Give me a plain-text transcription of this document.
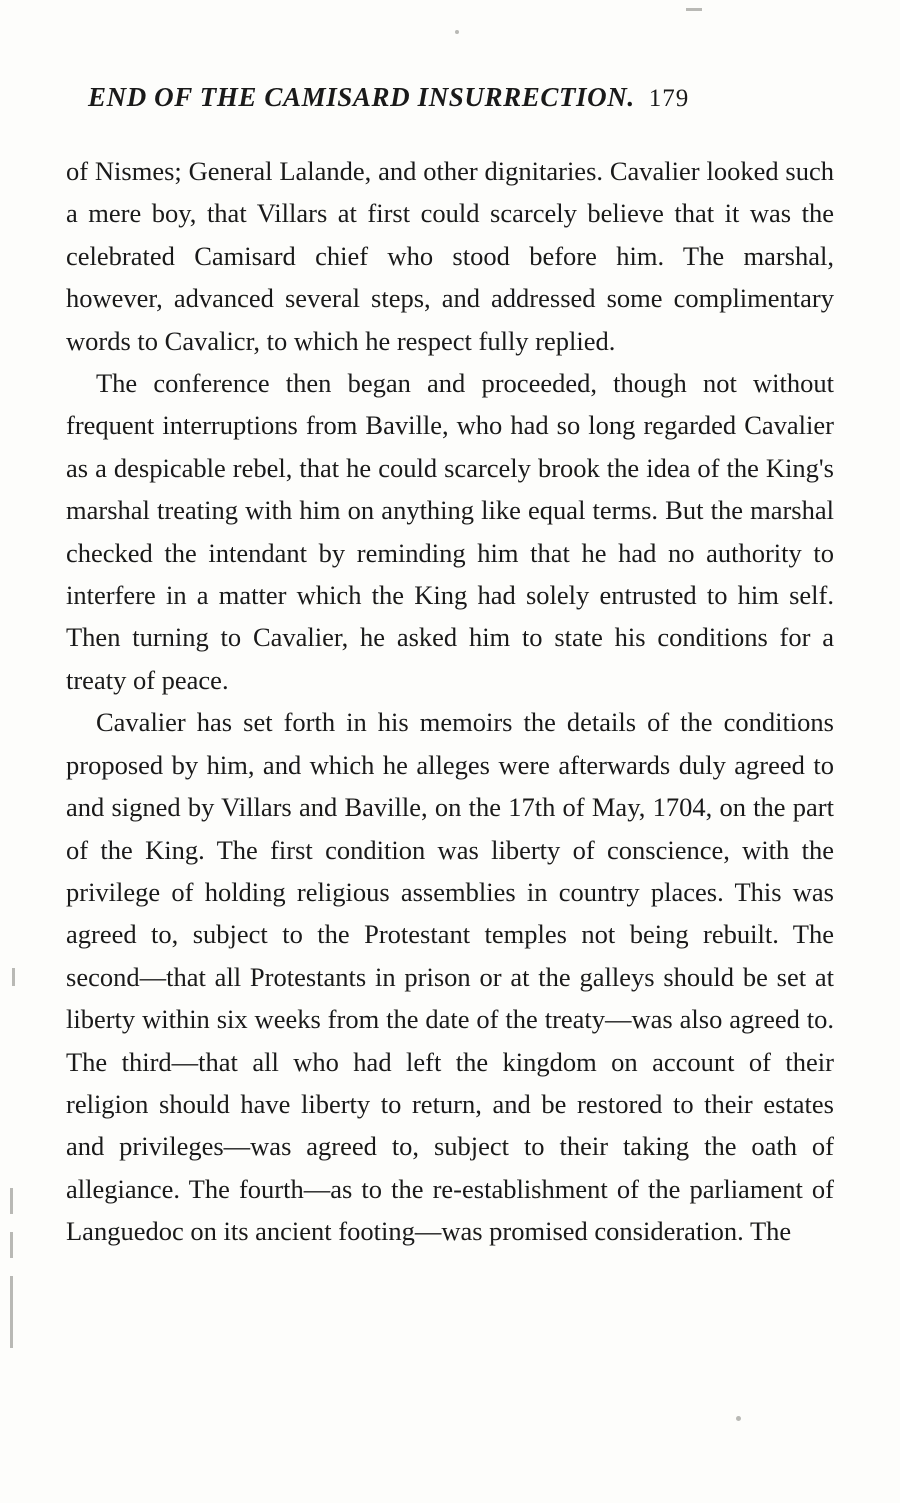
END OF THE CAMISARD INSURRECTION. 179

of Nismes; General Lalande, and other dignitaries. Cavalier looked such a mere boy, that Villars at first could scarcely believe that it was the celebrated Camisard chief who stood before him. The marshal, however, advanced several steps, and addressed some complimentary words to Cavalicr, to which he respect fully replied.

The conference then began and proceeded, though not without frequent interruptions from Baville, who had so long regarded Cavalier as a despicable rebel, that he could scarcely brook the idea of the King's marshal treating with him on anything like equal terms. But the marshal checked the intendant by reminding him that he had no authority to interfere in a matter which the King had solely entrusted to him self. Then turning to Cavalier, he asked him to state his conditions for a treaty of peace.

Cavalier has set forth in his memoirs the details of the conditions proposed by him, and which he alleges were afterwards duly agreed to and signed by Villars and Baville, on the 17th of May, 1704, on the part of the King. The first condition was liberty of conscience, with the privilege of holding religious assemblies in country places. This was agreed to, subject to the Protestant temples not being rebuilt. The second—that all Protestants in prison or at the galleys should be set at liberty within six weeks from the date of the treaty—was also agreed to. The third—that all who had left the kingdom on account of their religion should have liberty to return, and be restored to their estates and privileges—was agreed to, subject to their taking the oath of allegiance. The fourth—as to the re-establishment of the parliament of Languedoc on its ancient footing—was promised consideration. The
